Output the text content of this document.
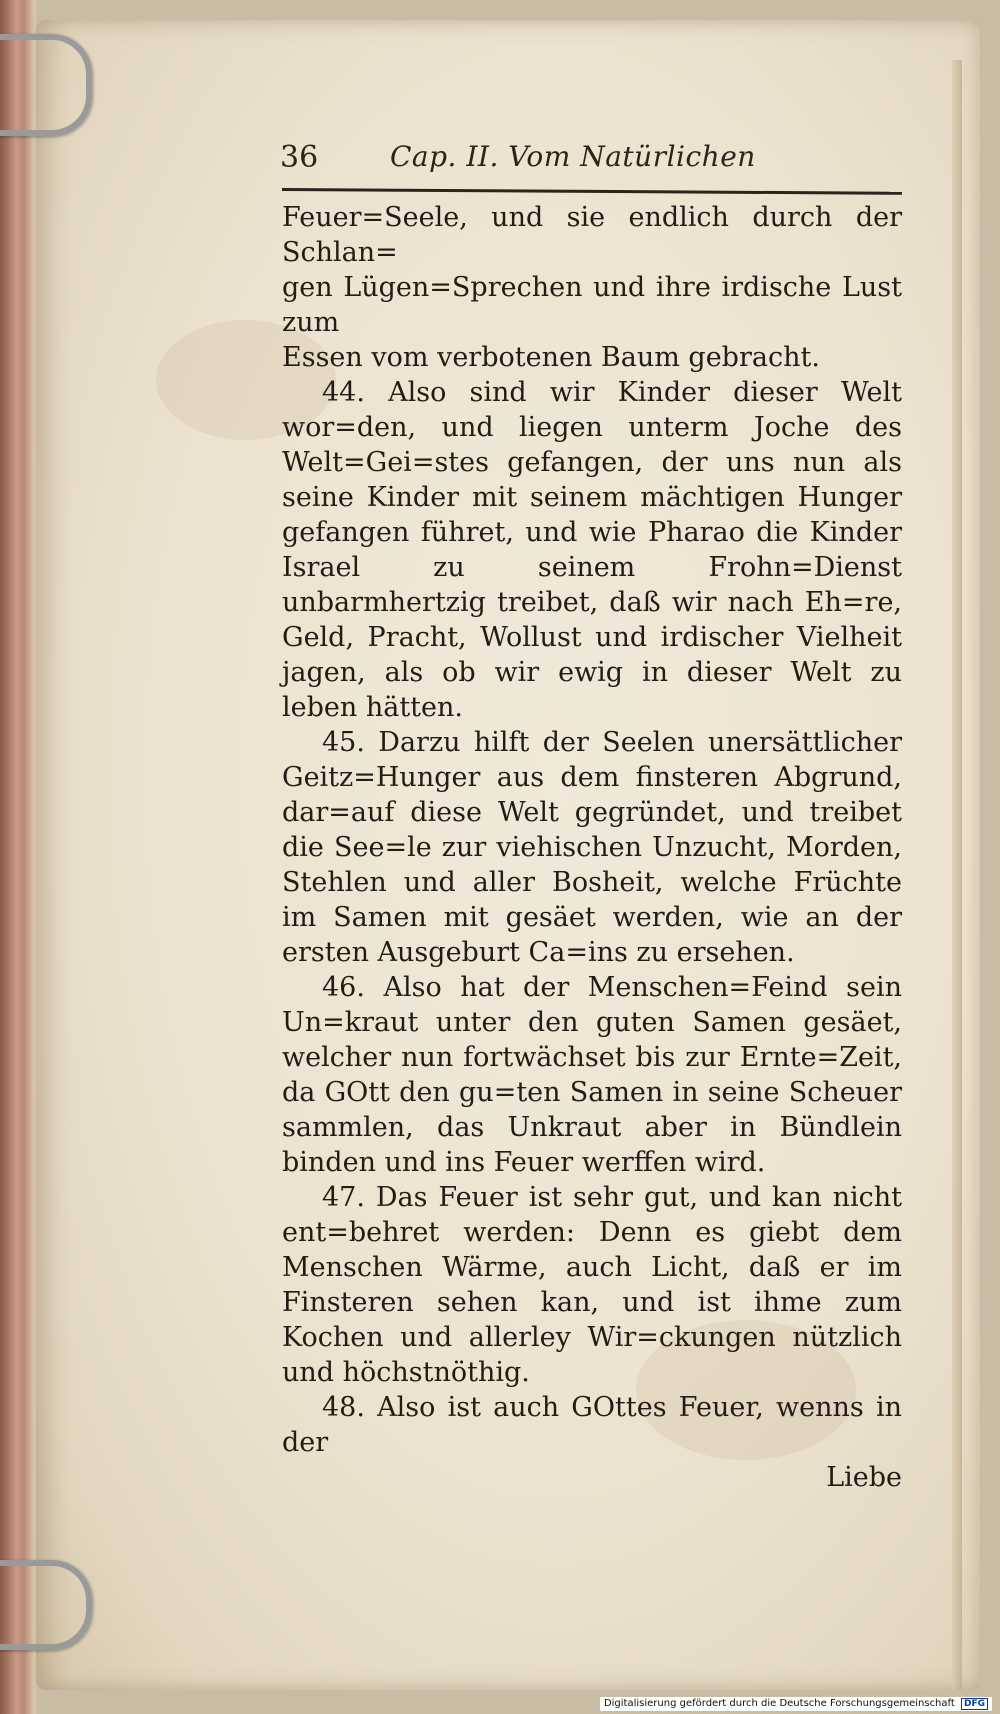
36	Cap. II. Vom Natürlichen

Feuer=Seele, und sie endlich durch der Schlan=

gen Lügen=Sprechen und ihre irdische Lust zum

Essen vom verbotenen Baum gebracht.

44. Also sind wir Kinder dieser Welt wor=den, und liegen unterm Joche des Welt=Gei=stes gefangen, der uns nun als seine Kinder mit seinem mächtigen Hunger gefangen führet, und wie Pharao die Kinder Israel zu seinem Frohn=Dienst unbarmhertzig treibet, daß wir nach Eh=re, Geld, Pracht, Wollust und irdischer Vielheit jagen, als ob wir ewig in dieser Welt zu leben hätten.

45. Darzu hilft der Seelen unersättlicher Geitz=Hunger aus dem finsteren Abgrund, dar=auf diese Welt gegründet, und treibet die See=le zur viehischen Unzucht, Morden, Stehlen und aller Bosheit, welche Früchte im Samen mit gesäet werden, wie an der ersten Ausgeburt Ca=ins zu ersehen.

46. Also hat der Menschen=Feind sein Un=kraut unter den guten Samen gesäet, welcher nun fortwächset bis zur Ernte=Zeit, da GOtt den gu=ten Samen in seine Scheuer sammlen, das Unkraut aber in Bündlein binden und ins Feuer werffen wird.

47. Das Feuer ist sehr gut, und kan nicht ent=behret werden: Denn es giebt dem Menschen Wärme, auch Licht, daß er im Finsteren sehen kan, und ist ihme zum Kochen und allerley Wir=ckungen nützlich und höchstnöthig.

48. Also ist auch GOttes Feuer, wenns in der

Liebe

Digitalisierung gefördert durch die Deutsche Forschungsgemeinschaft DFG
